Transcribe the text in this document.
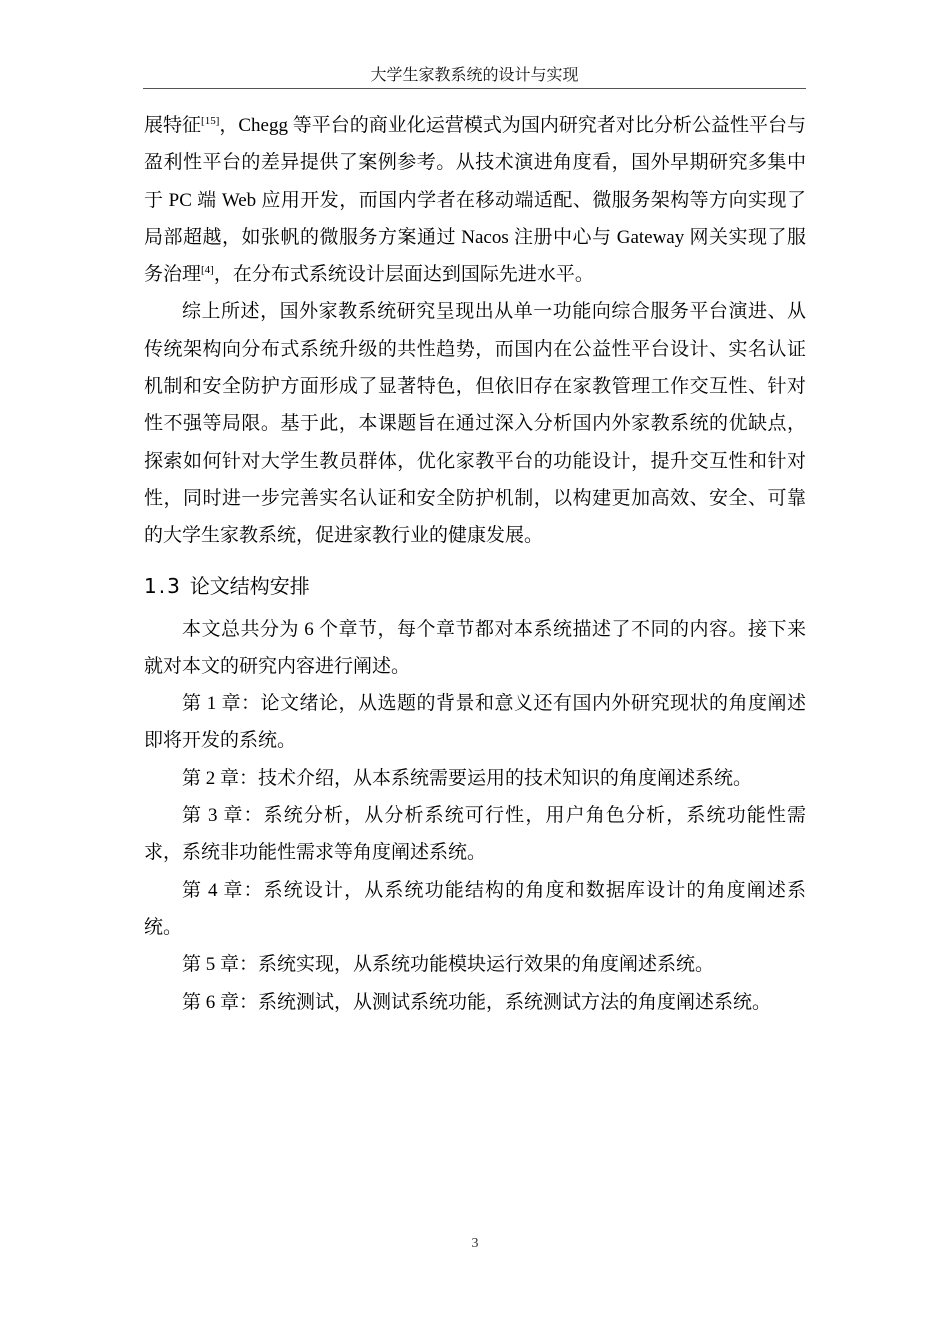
大学生家教系统的设计与实现

展特征[15]，Chegg 等平台的商业化运营模式为国内研究者对比分析公益性平台与盈利性平台的差异提供了案例参考。从技术演进角度看，国外早期研究多集中于 PC 端 Web 应用开发，而国内学者在移动端适配、微服务架构等方向实现了局部超越，如张帆的微服务方案通过 Nacos 注册中心与 Gateway 网关实现了服务治理[4]，在分布式系统设计层面达到国际先进水平。

综上所述，国外家教系统研究呈现出从单一功能向综合服务平台演进、从传统架构向分布式系统升级的共性趋势，而国内在公益性平台设计、实名认证机制和安全防护方面形成了显著特色，但依旧存在家教管理工作交互性、针对性不强等局限。基于此，本课题旨在通过深入分析国内外家教系统的优缺点，探索如何针对大学生教员群体，优化家教平台的功能设计，提升交互性和针对性，同时进一步完善实名认证和安全防护机制，以构建更加高效、安全、可靠的大学生家教系统，促进家教行业的健康发展。

1.3 论文结构安排

本文总共分为 6 个章节，每个章节都对本系统描述了不同的内容。接下来就对本文的研究内容进行阐述。

第 1 章：论文绪论，从选题的背景和意义还有国内外研究现状的角度阐述即将开发的系统。

第 2 章：技术介绍，从本系统需要运用的技术知识的角度阐述系统。

第 3 章：系统分析，从分析系统可行性，用户角色分析，系统功能性需求，系统非功能性需求等角度阐述系统。

第 4 章：系统设计，从系统功能结构的角度和数据库设计的角度阐述系统。

第 5 章：系统实现，从系统功能模块运行效果的角度阐述系统。

第 6 章：系统测试，从测试系统功能，系统测试方法的角度阐述系统。

3
